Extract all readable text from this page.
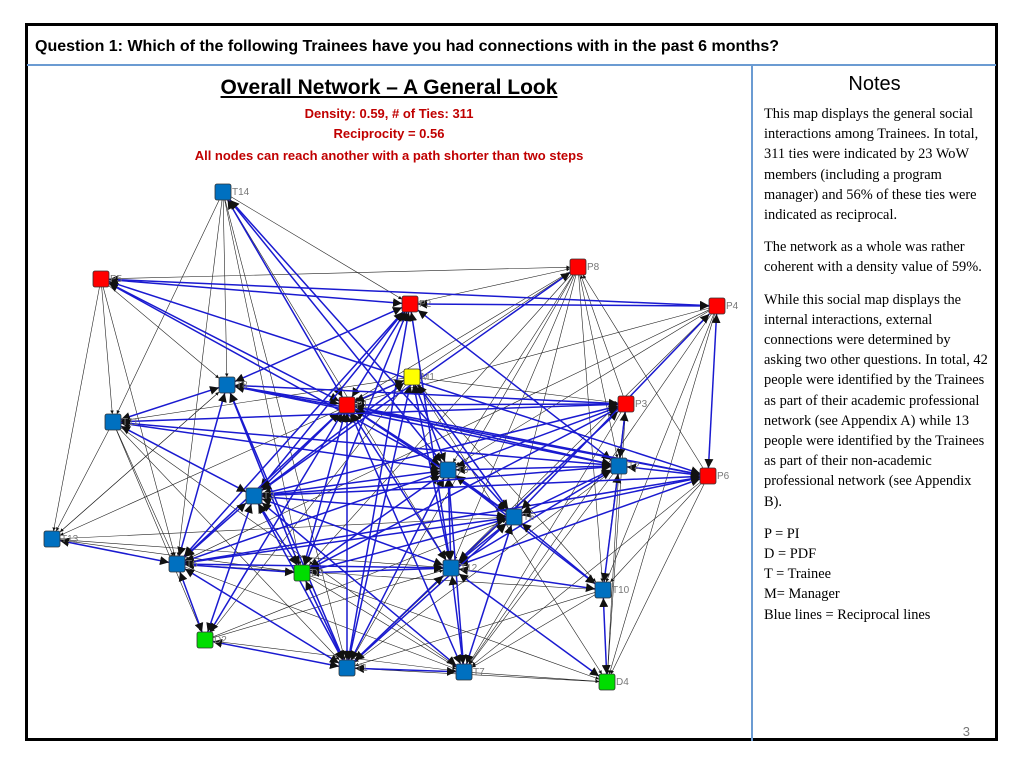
Question 1: Which of the following Trainees have you had connections with in the past 6 months?
Overall Network – A General Look
Density: 0.59, # of Ties: 311
Reciprocity = 0.56
All nodes can reach another with a path shorter than two steps
T14
P5
P8
P2	P4
M1
T8
P1	P3
T11
T9	T2
P6
T3
T5
T13
T6
D3	T12
T10
D2
T1	T7
D4
Notes

This map displays the general social interactions among Trainees. In total, 311 ties were indicated by 23 WoW members (including a program manager) and 56% of these ties were indicated as reciprocal.

The network as a whole was rather coherent with a density value of 59%.

While this social map displays the internal interactions, external connections were determined by asking two other questions. In total, 42 people were identified by the Trainees as part of their academic professional network (see Appendix A) while 13 people were identified by the Trainees as part of their non-academic professional network (see Appendix B).

P = PI
D = PDF
T = Trainee
M= Manager
Blue lines = Reciprocal lines
3
